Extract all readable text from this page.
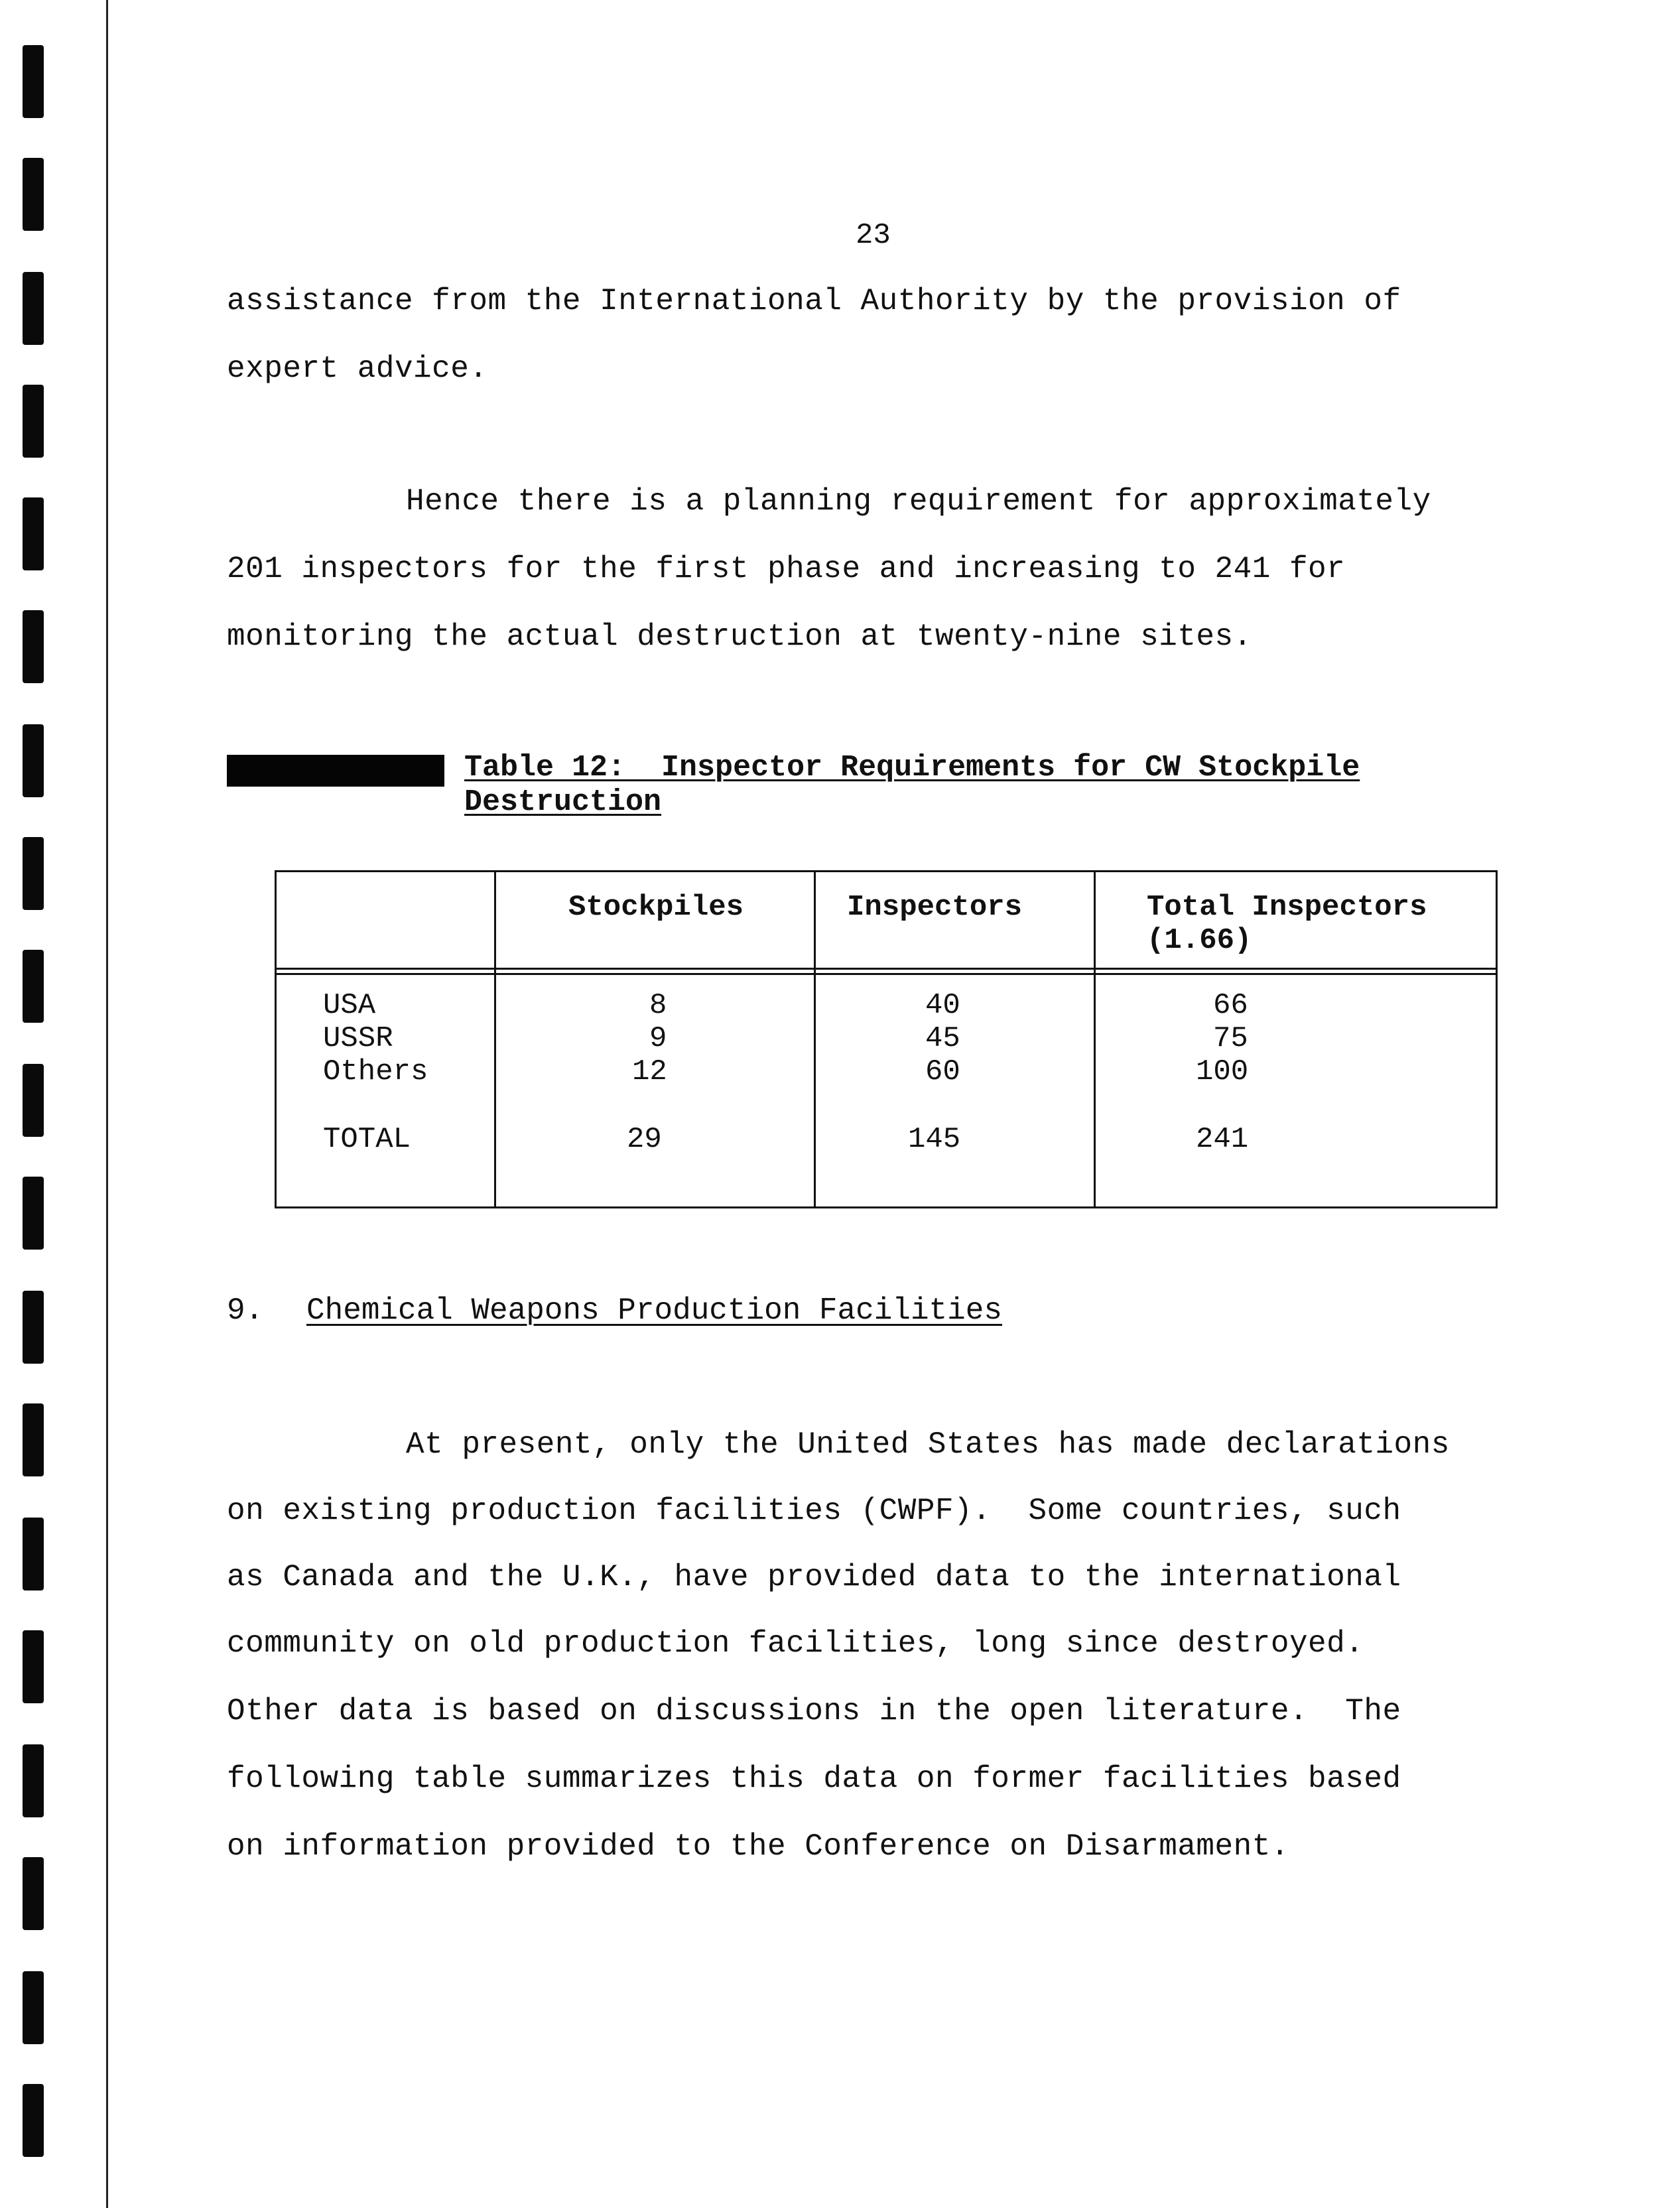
23
assistance from the International Authority by the provision of
expert advice.
Hence there is a planning requirement for approximately
201 inspectors for the first phase and increasing to 241 for
monitoring the actual destruction at twenty-nine sites.
Table 12:  Inspector Requirements for CW Stockpile
Destruction
Stockpiles	Inspectors	Total Inspectors
(1.66)
USA	8	40	66
USSR	9	45	75
Others	12	60	100
TOTAL	29	145	241
9. Chemical Weapons Production Facilities
At present, only the United States has made declarations
on existing production facilities (CWPF).  Some countries, such
as Canada and the U.K., have provided data to the international
community on old production facilities, long since destroyed.
Other data is based on discussions in the open literature.  The
following table summarizes this data on former facilities based
on information provided to the Conference on Disarmament.
